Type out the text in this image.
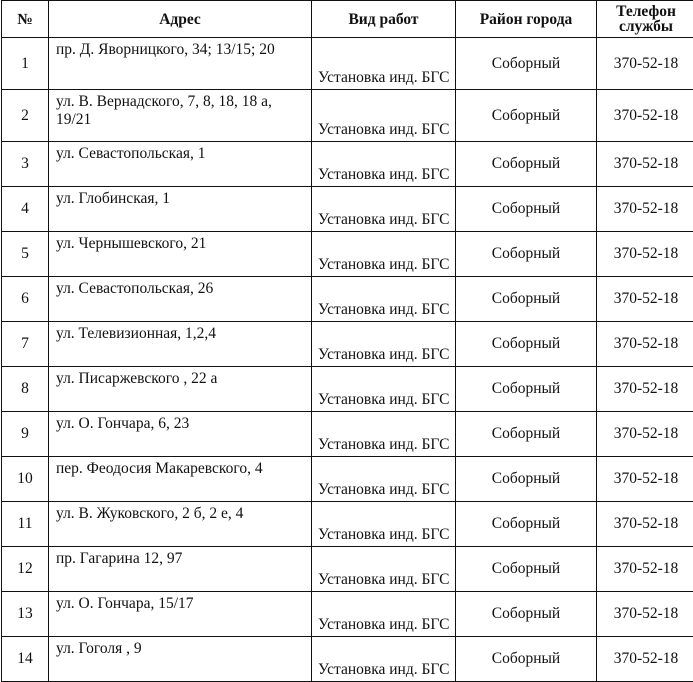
№	Адрес	Вид работ	Район города	Телефон службы
1	пр. Д. Яворницкого, 34; 13/15; 20	Установка инд. БГС	Соборный	370-52-18
2	ул. В. Вернадского, 7, 8, 18, 18 а, 19/21	Установка инд. БГС	Соборный	370-52-18
3	ул. Севастопольская, 1	Установка инд. БГС	Соборный	370-52-18
4	ул. Глобинская, 1	Установка инд. БГС	Соборный	370-52-18
5	ул. Чернышевского, 21	Установка инд. БГС	Соборный	370-52-18
6	ул. Севастопольская, 26	Установка инд. БГС	Соборный	370-52-18
7	ул. Телевизионная, 1,2,4	Установка инд. БГС	Соборный	370-52-18
8	ул. Писаржевского , 22 а	Установка инд. БГС	Соборный	370-52-18
9	ул. О. Гончара, 6, 23	Установка инд. БГС	Соборный	370-52-18
10	пер. Феодосия Макаревского, 4	Установка инд. БГС	Соборный	370-52-18
11	ул. В. Жуковского, 2 б, 2 е, 4	Установка инд. БГС	Соборный	370-52-18
12	пр. Гагарина 12, 97	Установка инд. БГС	Соборный	370-52-18
13	ул. О. Гончара, 15/17	Установка инд. БГС	Соборный	370-52-18
14	ул. Гоголя , 9	Установка инд. БГС	Соборный	370-52-18
